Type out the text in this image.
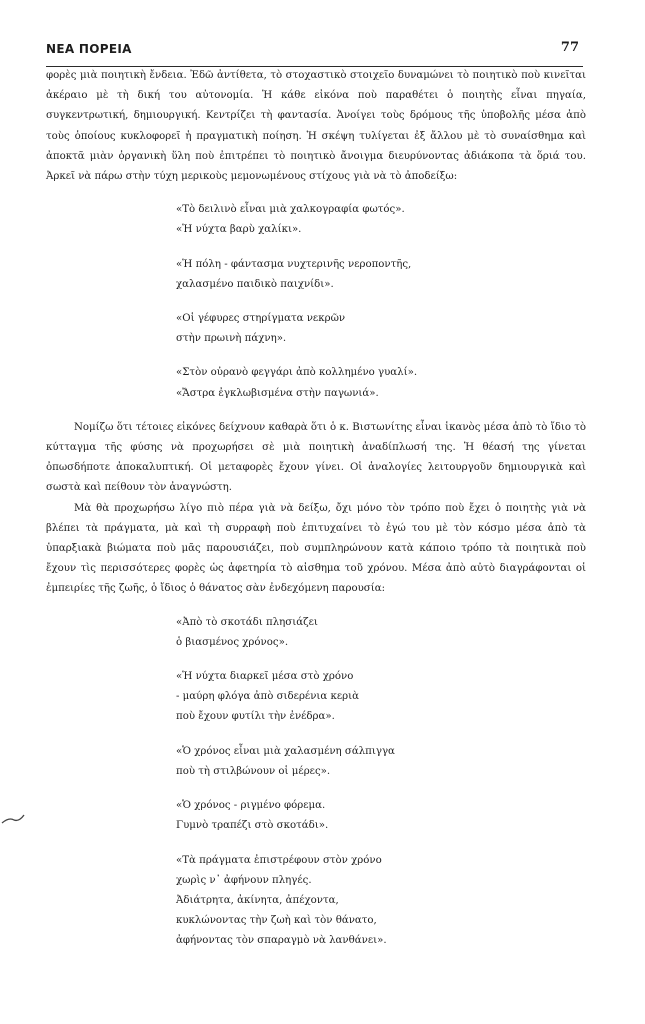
ΝΕΑ ΠΟΡΕΙΑ	77

φορὲς μιὰ ποιητικὴ ἔνδεια. Ἐδῶ ἀντίθετα, τὸ στοχαστικὸ στοιχεῖο δυναμώνει τὸ ποιητικὸ ποὺ κινεῖται ἀκέραιο μὲ τὴ δική του αὐτονομία. Ἡ κάθε εἰκόνα ποὺ παραθέτει ὁ ποιητὴς εἶναι πηγαία, συγκεντρωτική, δημιουργική. Κεντρίζει τὴ φαντασία. Ἀνοίγει τοὺς δρόμους τῆς ὑποβολῆς μέσα ἀπὸ τοὺς ὁποίους κυκλοφορεῖ ἡ πραγματικὴ ποίηση. Ἡ σκέψη τυλίγεται ἐξ ἄλλου μὲ τὸ συναίσθημα καὶ ἀποκτᾶ μιὰν ὀργανικὴ ὕλη ποὺ ἐπιτρέπει τὸ ποιητικὸ ἄνοιγμα διευρύνοντας ἀδιάκοπα τὰ ὅριά του. Ἀρκεῖ νὰ πάρω στὴν τύχη μερικοὺς μεμονωμένους στίχους γιὰ νὰ τὸ ἀποδείξω:

«Τὸ δειλινὸ εἶναι μιὰ χαλκογραφία φωτός».
«Ἡ νύχτα βαρὺ χαλίκι».
«Ἡ πόλη - φάντασμα νυχτερινῆς νεροποντῆς,
χαλασμένο παιδικὸ παιχνίδι».
«Οἱ γέφυρες στηρίγματα νεκρῶν
στὴν πρωινὴ πάχνη».
«Στὸν οὐρανὸ φεγγάρι ἀπὸ κολλημένο γυαλί».
«Ἄστρα ἐγκλωβισμένα στὴν παγωνιά».

Νομίζω ὅτι τέτοιες εἰκόνες δείχνουν καθαρὰ ὅτι ὁ κ. Βιστωνίτης εἶναι ἱκανὸς μέσα ἀπὸ τὸ ἴδιο τὸ κύτταγμα τῆς φύσης νὰ προχωρήσει σὲ μιὰ ποιητικὴ ἀναδίπλωσή της. Ἡ θέασή της γίνεται ὀπωσδήποτε ἀποκαλυπτική. Οἱ μεταφορὲς ἔχουν γίνει. Οἱ ἀναλογίες λειτουργοῦν δημιουργικὰ καὶ σωστὰ καὶ πείθουν τὸν ἀναγνώστη.

Μὰ θὰ προχωρήσω λίγο πιὸ πέρα γιὰ νὰ δείξω, ὄχι μόνο τὸν τρόπο ποὺ ἔχει ὁ ποιητὴς γιὰ νὰ βλέπει τὰ πράγματα, μὰ καὶ τὴ συρραφὴ ποὺ ἐπιτυχαίνει τὸ ἐγώ του μὲ τὸν κόσμο μέσα ἀπὸ τὰ ὑπαρξιακὰ βιώματα ποὺ μᾶς παρουσιάζει, ποὺ συμπληρώνουν κατὰ κάποιο τρόπο τὰ ποιητικὰ ποὺ ἔχουν τὶς περισσότερες φορὲς ὡς ἀφετηρία τὸ αἰσθημα τοῦ χρόνου. Μέσα ἀπὸ αὐτὸ διαγράφονται οἱ ἐμπειρίες τῆς ζωῆς, ὁ ἴδιος ὁ θάνατος σὰν ἐνδεχόμενη παρουσία:

«Ἀπὸ τὸ σκοτάδι πλησιάζει
ὁ βιασμένος χρόνος».
«Ἡ νύχτα διαρκεῖ μέσα στὸ χρόνο
- μαύρη φλόγα ἀπὸ σιδερένια κεριὰ
ποὺ ἔχουν φυτίλι τὴν ἐνέδρα».
«Ὁ χρόνος εἶναι μιὰ χαλασμένη σάλπιγγα
ποὺ τὴ στιλβώνουν οἱ μέρες».
«Ὁ χρόνος - ριγμένο φόρεμα.
Γυμνὸ τραπέζι στὸ σκοτάδι».
«Τὰ πράγματα ἐπιστρέφουν στὸν χρόνο
χωρὶς ν᾽ ἀφήνουν πληγές.
Ἀδιάτρητα, ἀκίνητα, ἀπέχοντα,
κυκλώνοντας τὴν ζωὴ καὶ τὸν θάνατο,
ἀφήνοντας τὸν σπαραγμὸ νὰ λανθάνει».
